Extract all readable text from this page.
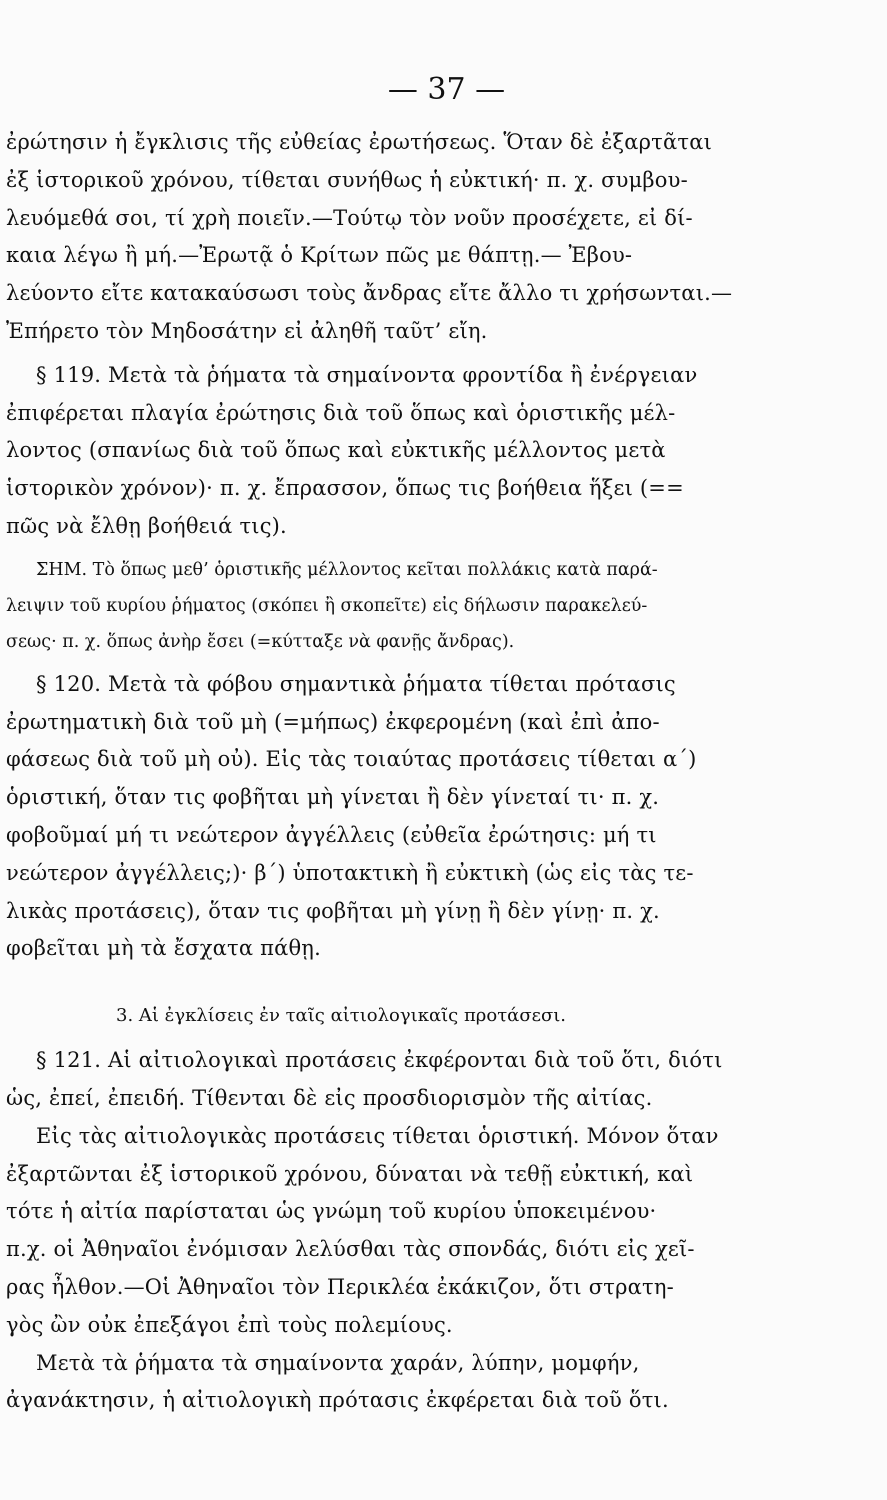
— 37 —
ἐρώτησιν ἡ ἔγκλισις τῆς εὐθείας ἐρωτήσεως. Ὅταν δὲ ἐξαρτᾶται
ἐξ ἱστορικοῦ χρόνου, τίθεται συνήθως ἡ εὐκτική· π. χ. συμβου-
λευόμεθά σοι, τί χρὴ ποιεῖν.—Τούτῳ τὸν νοῦν προσέχετε, εἰ δί-
καια λέγω ἢ μή.—Ἐρωτᾷ ὁ Κρίτων πῶς με θάπτῃ.— Ἐβου-
λεύοντο εἴτε κατακαύσωσι τοὺς ἄνδρας εἴτε ἄλλο τι χρήσωνται.—
Ἐπήρετο τὸν Μηδοσάτην εἰ ἀληθῆ ταῦτ’ εἴη.
§ 119. Μετὰ τὰ ῥήματα τὰ σημαίνοντα φροντίδα ἢ ἐνέργειαν
ἐπιφέρεται πλαγία ἐρώτησις διὰ τοῦ ὅπως καὶ ὁριστικῆς μέλ-
λοντος (σπανίως διὰ τοῦ ὅπως καὶ εὐκτικῆς μέλλοντος μετὰ
ἱστορικὸν χρόνον)· π. χ. ἔπρασσον, ὅπως τις βοήθεια ἥξει (==
πῶς νὰ ἔλθῃ βοήθειά τις).
ΣΗΜ. Τὸ ὅπως μεθ’ ὁριστικῆς μέλλοντος κεῖται πολλάκις κατὰ παρά-
λειψιν τοῦ κυρίου ῥήματος (σκόπει ἢ σκοπεῖτε) εἰς δήλωσιν παρακελεύ-
σεως· π. χ. ὅπως ἀνὴρ ἔσει (=κύτταξε νὰ φανῇς ἄνδρας).
§ 120. Μετὰ τὰ φόβου σημαντικὰ ῥήματα τίθεται πρότασις
ἐρωτηματικὴ διὰ τοῦ μὴ (=μήπως) ἐκφερομένη (καὶ ἐπὶ ἀπο-
φάσεως διὰ τοῦ μὴ οὐ). Εἰς τὰς τοιαύτας προτάσεις τίθεται α΄)
ὁριστική, ὅταν τις φοβῆται μὴ γίνεται ἢ δὲν γίνεταί τι· π. χ.
φοβοῦμαί μή τι νεώτερον ἀγγέλλεις (εὐθεῖα ἐρώτησις: μή τι
νεώτερον ἀγγέλλεις;)· β΄) ὑποτακτικὴ ἢ εὐκτικὴ (ὡς εἰς τὰς τε-
λικὰς προτάσεις), ὅταν τις φοβῆται μὴ γίνῃ ἢ δὲν γίνῃ· π. χ.
φοβεῖται μὴ τὰ ἔσχατα πάθῃ.
3. Αἱ ἐγκλίσεις ἐν ταῖς αἰτιολογικαῖς προτάσεσι.
§ 121. Αἱ αἰτιολογικαὶ προτάσεις ἐκφέρονται διὰ τοῦ ὅτι, διότι
ὡς, ἐπεί, ἐπειδή. Τίθενται δὲ εἰς προσδιορισμὸν τῆς αἰτίας.
Εἰς τὰς αἰτιολογικὰς προτάσεις τίθεται ὁριστική. Μόνον ὅταν
ἐξαρτῶνται ἐξ ἱστορικοῦ χρόνου, δύναται νὰ τεθῇ εὐκτική, καὶ
τότε ἡ αἰτία παρίσταται ὡς γνώμη τοῦ κυρίου ὑποκειμένου·
π.χ. οἱ Ἀθηναῖοι ἐνόμισαν λελύσθαι τὰς σπονδάς, διότι εἰς χεῖ-
ρας ἦλθον.—Οἱ Ἀθηναῖοι τὸν Περικλέα ἐκάκιζον, ὅτι στρατη-
γὸς ὢν οὐκ ἐπεξάγοι ἐπὶ τοὺς πολεμίους.
Μετὰ τὰ ῥήματα τὰ σημαίνοντα χαράν, λύπην, μομφήν,
ἀγανάκτησιν, ἡ αἰτιολογικὴ πρότασις ἐκφέρεται διὰ τοῦ ὅτι.
